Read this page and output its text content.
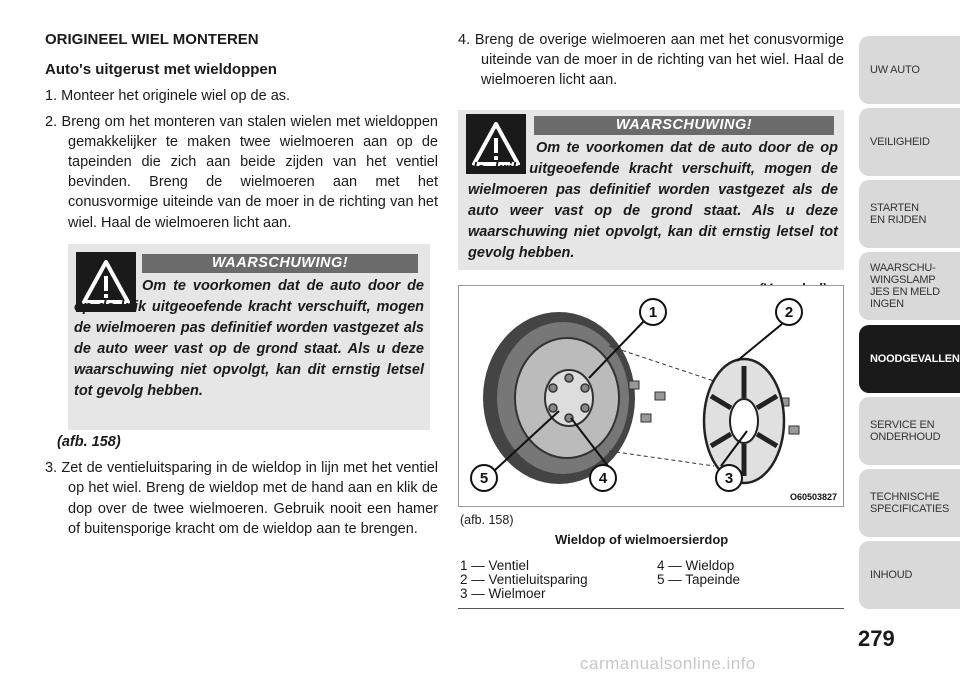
ORIGINEEL WIEL MONTEREN
Auto's uitgerust met wieldoppen
1. Monteer het originele wiel op de as.
2. Breng om het monteren van stalen wielen met wieldoppen gemakkelijker te maken twee wielmoeren aan op de tapeinden die zich aan beide zijden van het ventiel bevinden. Breng de wielmoeren aan met het conusvormige uiteinde van de moer in de richting van het wiel. Haal de wielmoeren licht aan.
WAARSCHUWING!
Om te voorkomen dat de auto door de op de krik uitgeoefende kracht verschuift, mogen de wielmoeren pas definitief worden vastgezet als de auto weer vast op de grond staat. Als u deze waarschuwing niet opvolgt, kan dit ernstig letsel tot gevolg hebben.
(afb. 158)
3. Zet de ventieluitsparing in de wieldop in lijn met het ventiel op het wiel. Breng de wieldop met de hand aan en klik de dop over de twee wielmoeren. Gebruik nooit een hamer of buitensporige kracht om de wieldop aan te brengen.
4. Breng de overige wielmoeren aan met het conusvormige uiteinde van de moer in de richting van het wiel. Haal de wielmoeren licht aan.
WAARSCHUWING!
Om te voorkomen dat de auto door de op de krik uitgeoefende kracht verschuift, mogen de wielmoeren pas definitief worden vastgezet als de auto weer vast op de grond staat. Als u deze waarschuwing niet opvolgt, kan dit ernstig letsel tot gevolg hebben.
1	2
3
4
5
O60503827
(afb. 158)
Wieldop of wielmoersierdop
1 — Ventiel
2 — Ventieluitsparing
3 — Wielmoer
4 — Wieldop
5 — Tapeinde
UW AUTO
VEILIGHEID
STARTEN EN RIJDEN
WAARSCHU-WINGSLAMPJES EN MELDINGEN
NOODGEVALLEN
SERVICE EN ONDERHOUD
TECHNISCHE SPECIFICATIES
INHOUD
279
carmanualsonline.info
